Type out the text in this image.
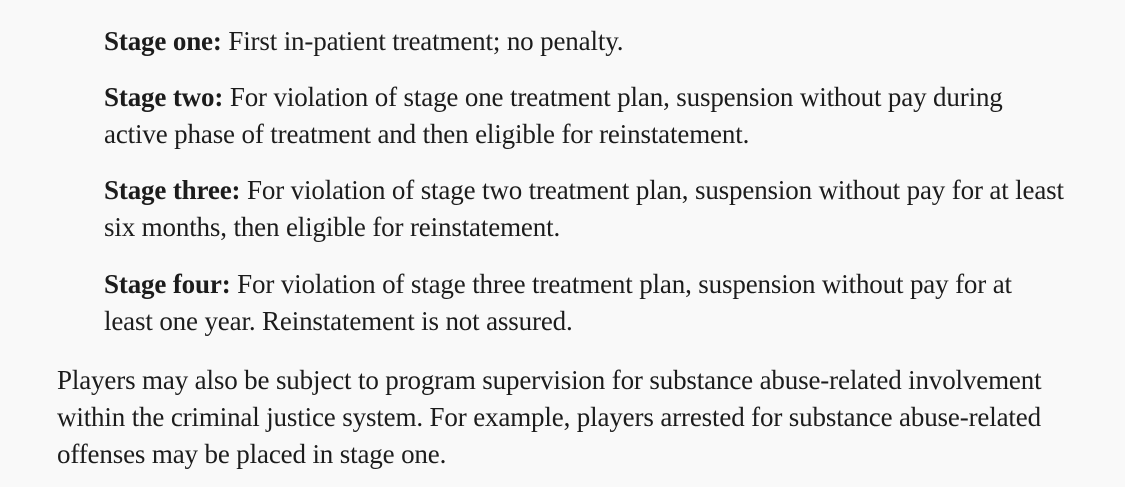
Stage one: First in-patient treatment; no penalty.
Stage two: For violation of stage one treatment plan, suspension without pay during active phase of treatment and then eligible for reinstatement.
Stage three: For violation of stage two treatment plan, suspension without pay for at least six months, then eligible for reinstatement.
Stage four: For violation of stage three treatment plan, suspension without pay for at least one year. Reinstatement is not assured.
Players may also be subject to program supervision for substance abuse-related involvement within the criminal justice system. For example, players arrested for substance abuse-related offenses may be placed in stage one.
